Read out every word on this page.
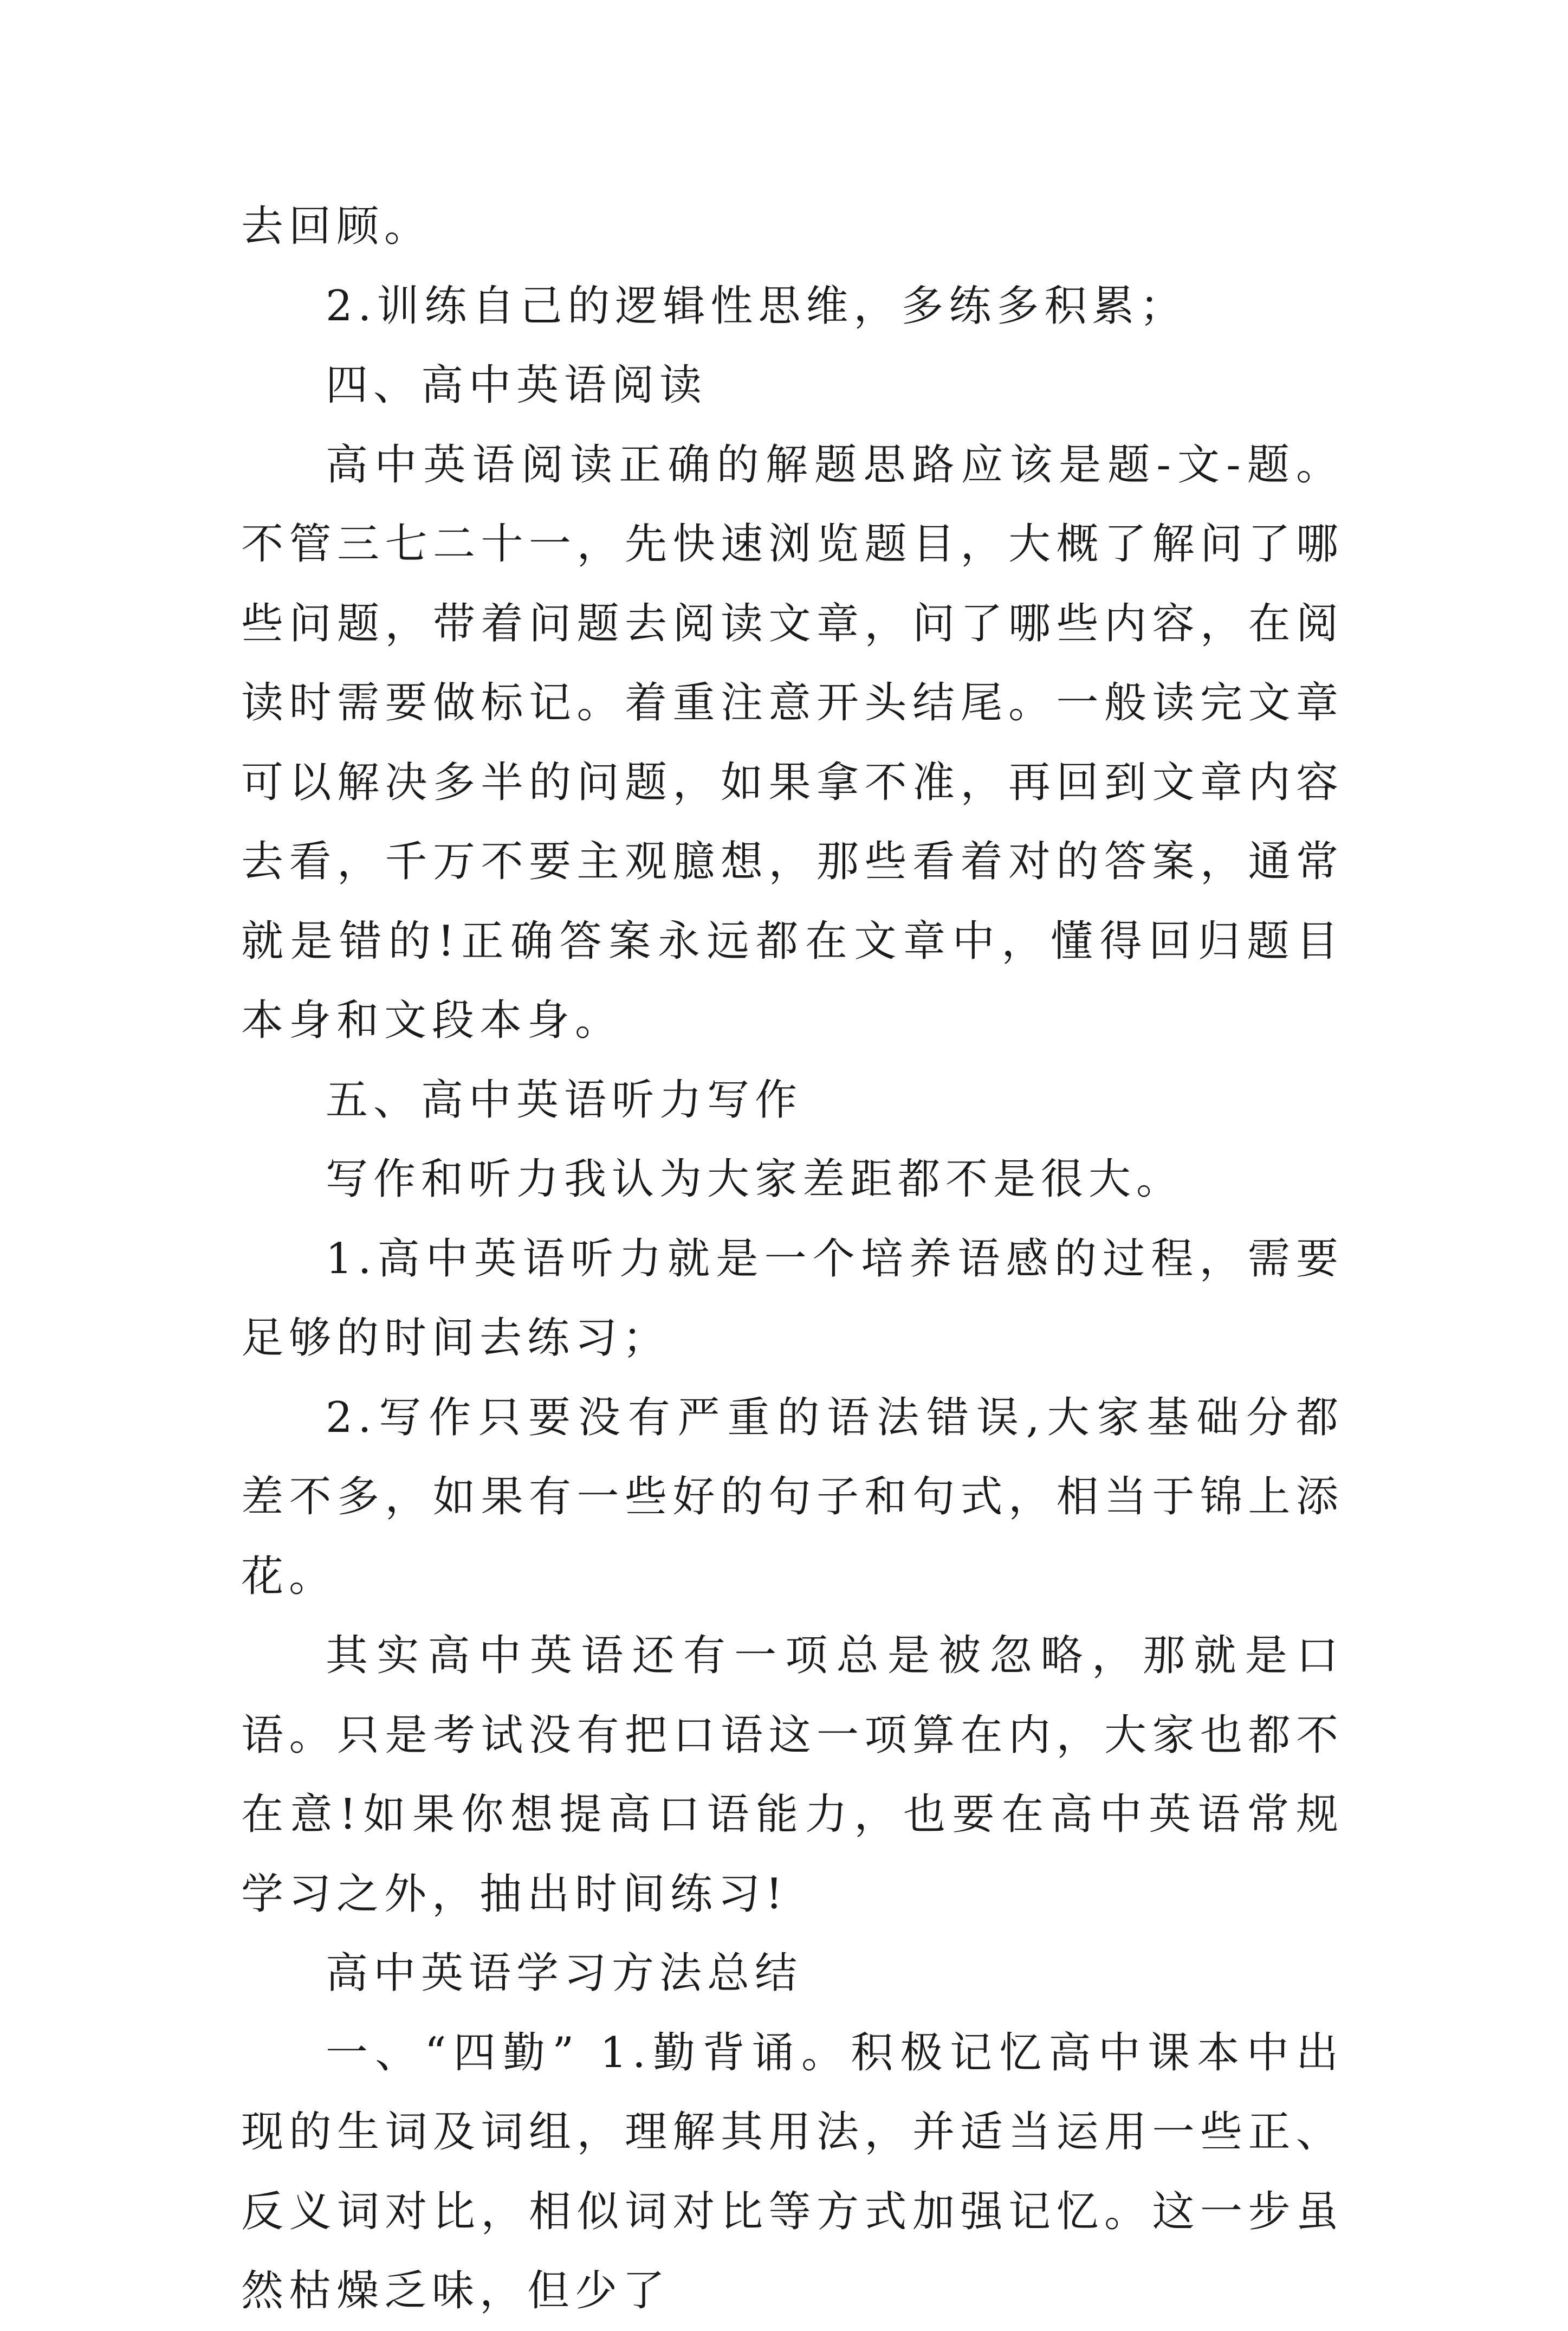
去回顾。

2.训练自己的逻辑性思维，多练多积累；

四、高中英语阅读

高中英语阅读正确的解题思路应该是题-文-题。不管三七二十一，先快速浏览题目，大概了解问了哪些问题，带着问题去阅读文章，问了哪些内容，在阅读时需要做标记。着重注意开头结尾。一般读完文章可以解决多半的问题，如果拿不准，再回到文章内容去看，千万不要主观臆想，那些看着对的答案，通常就是错的!正确答案永远都在文章中，懂得回归题目本身和文段本身。

五、高中英语听力写作

写作和听力我认为大家差距都不是很大。

1.高中英语听力就是一个培养语感的过程，需要足够的时间去练习；

2.写作只要没有严重的语法错误,大家基础分都差不多，如果有一些好的句子和句式，相当于锦上添花。

其实高中英语还有一项总是被忽略，那就是口语。只是考试没有把口语这一项算在内，大家也都不在意!如果你想提高口语能力，也要在高中英语常规学习之外，抽出时间练习!

高中英语学习方法总结

一、“四勤” 1.勤背诵。积极记忆高中课本中出现的生词及词组，理解其用法，并适当运用一些正、反义词对比，相似词对比等方式加强记忆。这一步虽然枯燥乏味，但少了
